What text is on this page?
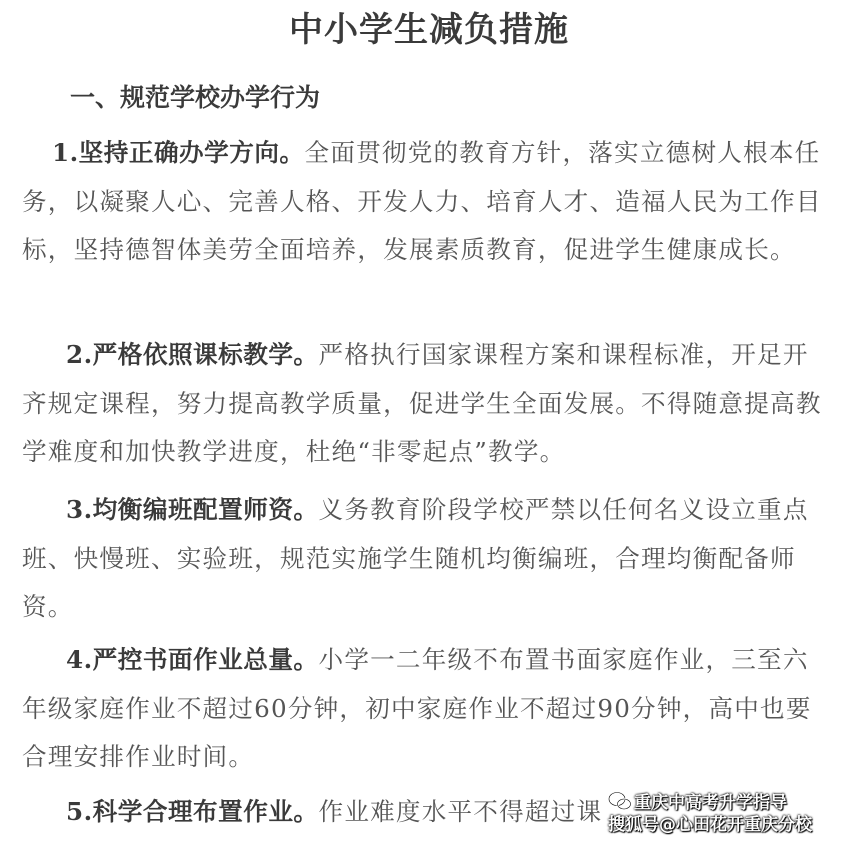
中小学生减负措施
一、规范学校办学行为

1.坚持正确办学方向。全面贯彻党的教育方针，落实立德树人根本任务，以凝聚人心、完善人格、开发人力、培育人才、造福人民为工作目标，坚持德智体美劳全面培养，发展素质教育，促进学生健康成长。

2.严格依照课标教学。严格执行国家课程方案和课程标准，开足开齐规定课程，努力提高教学质量，促进学生全面发展。不得随意提高教学难度和加快教学进度，杜绝“非零起点”教学。

3.均衡编班配置师资。义务教育阶段学校严禁以任何名义设立重点班、快慢班、实验班，规范实施学生随机均衡编班，合理均衡配备师资。

4.严控书面作业总量。小学一二年级不布置书面家庭作业，三至六年级家庭作业不超过60分钟，初中家庭作业不超过90分钟，高中也要合理安排作业时间。

5.科学合理布置作业。作业难度水平不得超过课	重庆中高考升学指导
搜狐号@心田花开重庆分校
